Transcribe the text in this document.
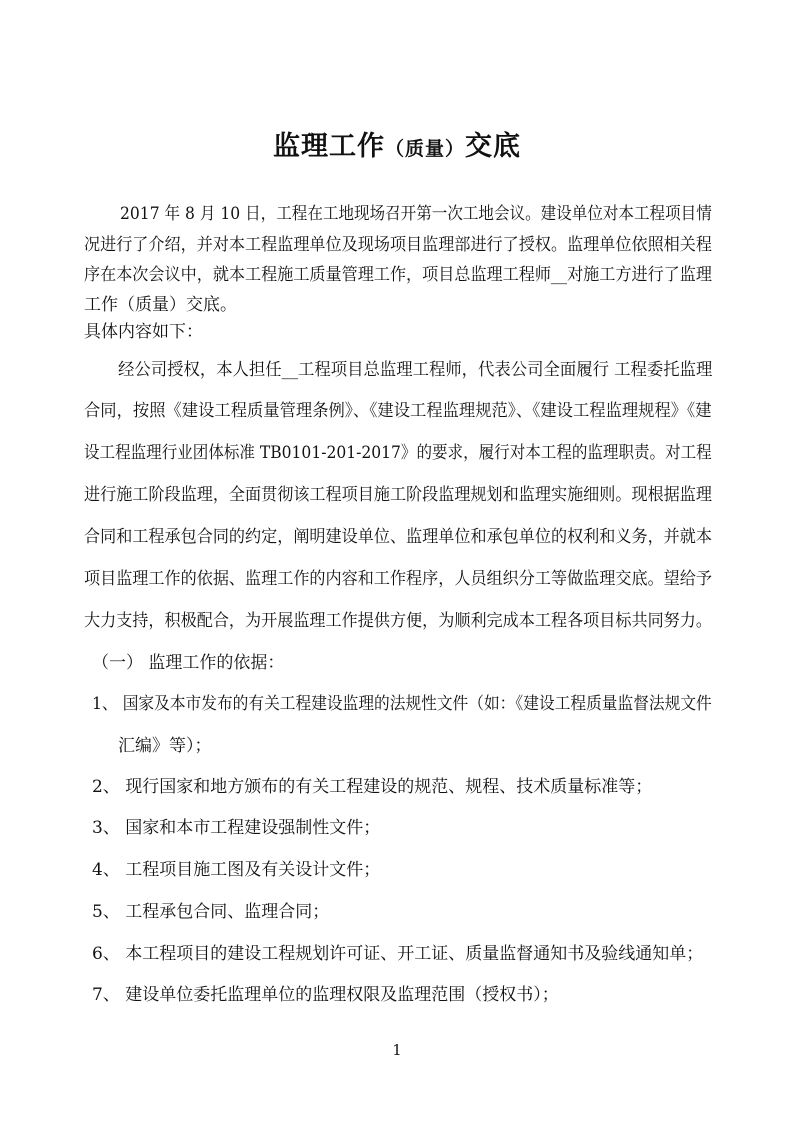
监理工作（质量）交底
2017 年 8 月 10 日，工程在工地现场召开第一次工地会议。建设单位对本工程项目情
况进行了介绍，并对本工程监理单位及现场项目监理部进行了授权。监理单位依照相关程
序在本次会议中，就本工程施工质量管理工作，项目总监理工程师__对施工方进行了监理
工作（质量）交底。
具体内容如下：
经公司授权，本人担任__工程项目总监理工程师，代表公司全面履行 工程委托监理
合同，按照《建设工程质量管理条例》、《建设工程监理规范》、《建设工程监理规程》《建
设工程监理行业团体标准 TB0101-201-2017》的要求，履行对本工程的监理职责。对工程
进行施工阶段监理，全面贯彻该工程项目施工阶段监理规划和监理实施细则。现根据监理
合同和工程承包合同的约定，阐明建设单位、监理单位和承包单位的权利和义务，并就本
项目监理工作的依据、监理工作的内容和工作程序，人员组织分工等做监理交底。望给予
大力支持，积极配合，为开展监理工作提供方便，为顺利完成本工程各项目标共同努力。
（一） 监理工作的依据：
1、 国家及本市发布的有关工程建设监理的法规性文件（如：《建设工程质量监督法规文件
汇编》等）；
2、 现行国家和地方颁布的有关工程建设的规范、规程、技术质量标准等；
3、 国家和本市工程建设强制性文件；
4、 工程项目施工图及有关设计文件；
5、 工程承包合同、监理合同；
6、 本工程项目的建设工程规划许可证、开工证、质量监督通知书及验线通知单；
7、 建设单位委托监理单位的监理权限及监理范围（授权书）；
1
